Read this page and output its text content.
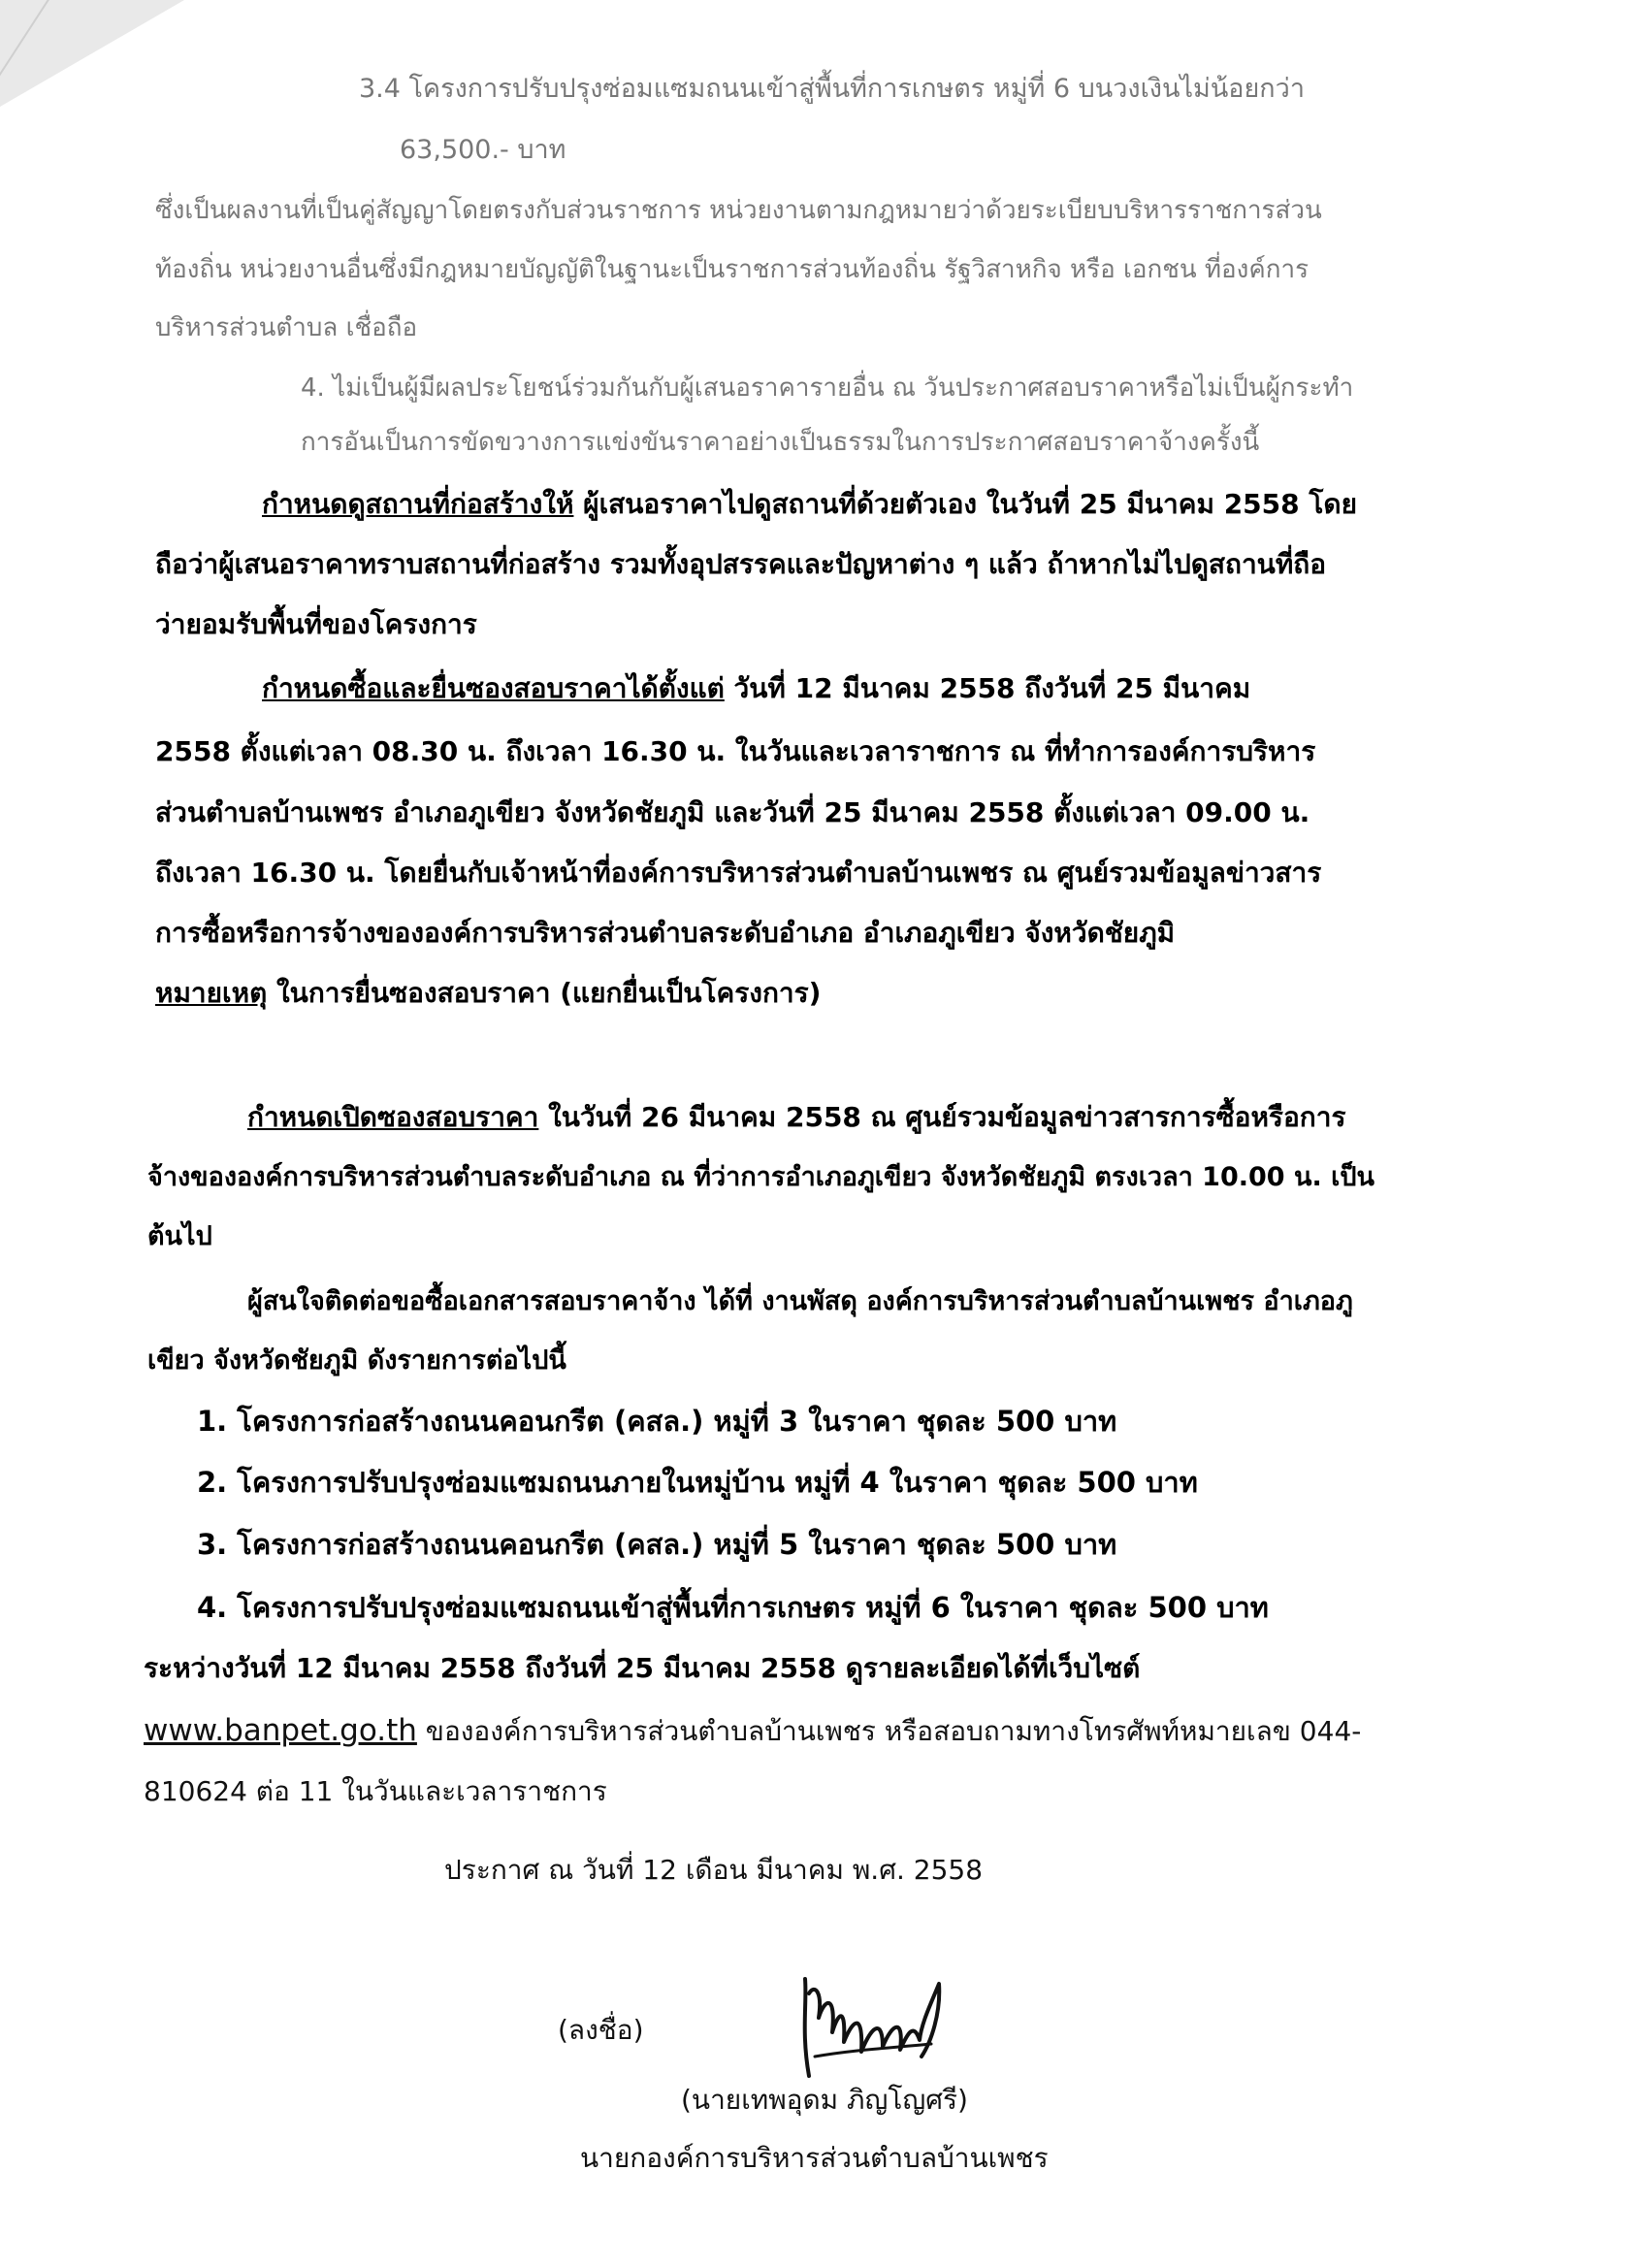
3.4 โครงการปรับปรุงซ่อมแซมถนนเข้าสู่พื้นที่การเกษตร หมู่ที่ 6 บนวงเงินไม่น้อยกว่า
63,500.- บาท
ซึ่งเป็นผลงานที่เป็นคู่สัญญาโดยตรงกับส่วนราชการ หน่วยงานตามกฎหมายว่าด้วยระเบียบบริหารราชการส่วน
ท้องถิ่น หน่วยงานอื่นซึ่งมีกฎหมายบัญญัติในฐานะเป็นราชการส่วนท้องถิ่น รัฐวิสาหกิจ หรือ เอกชน ที่องค์การ
บริหารส่วนตำบล เชื่อถือ
4. ไม่เป็นผู้มีผลประโยชน์ร่วมกันกับผู้เสนอราคารายอื่น ณ วันประกาศสอบราคาหรือไม่เป็นผู้กระทำ
การอันเป็นการขัดขวางการแข่งขันราคาอย่างเป็นธรรมในการประกาศสอบราคาจ้างครั้งนี้
กำหนดดูสถานที่ก่อสร้างให้ ผู้เสนอราคาไปดูสถานที่ด้วยตัวเอง ในวันที่ 25 มีนาคม 2558 โดย
ถือว่าผู้เสนอราคาทราบสถานที่ก่อสร้าง รวมทั้งอุปสรรคและปัญหาต่าง ๆ แล้ว ถ้าหากไม่ไปดูสถานที่ถือ
ว่ายอมรับพื้นที่ของโครงการ
กำหนดซื้อและยื่นซองสอบราคาได้ตั้งแต่ วันที่ 12 มีนาคม 2558 ถึงวันที่ 25 มีนาคม
2558 ตั้งแต่เวลา 08.30 น. ถึงเวลา 16.30 น. ในวันและเวลาราชการ ณ ที่ทำการองค์การบริหาร
ส่วนตำบลบ้านเพชร อำเภอภูเขียว จังหวัดชัยภูมิ และวันที่ 25 มีนาคม 2558 ตั้งแต่เวลา 09.00 น.
ถึงเวลา 16.30 น. โดยยื่นกับเจ้าหน้าที่องค์การบริหารส่วนตำบลบ้านเพชร ณ ศูนย์รวมข้อมูลข่าวสาร
การซื้อหรือการจ้างขององค์การบริหารส่วนตำบลระดับอำเภอ อำเภอภูเขียว จังหวัดชัยภูมิ
หมายเหตุ ในการยื่นซองสอบราคา (แยกยื่นเป็นโครงการ)
กำหนดเปิดซองสอบราคา ในวันที่ 26 มีนาคม 2558 ณ ศูนย์รวมข้อมูลข่าวสารการซื้อหรือการ
จ้างขององค์การบริหารส่วนตำบลระดับอำเภอ ณ ที่ว่าการอำเภอภูเขียว จังหวัดชัยภูมิ ตรงเวลา 10.00 น. เป็น
ต้นไป
ผู้สนใจติดต่อขอซื้อเอกสารสอบราคาจ้าง ได้ที่ งานพัสดุ องค์การบริหารส่วนตำบลบ้านเพชร อำเภอภู
เขียว จังหวัดชัยภูมิ ดังรายการต่อไปนี้
1. โครงการก่อสร้างถนนคอนกรีต (คสล.) หมู่ที่ 3 ในราคา ชุดละ 500 บาท
2. โครงการปรับปรุงซ่อมแซมถนนภายในหมู่บ้าน หมู่ที่ 4 ในราคา ชุดละ 500 บาท
3. โครงการก่อสร้างถนนคอนกรีต (คสล.) หมู่ที่ 5 ในราคา ชุดละ 500 บาท
4. โครงการปรับปรุงซ่อมแซมถนนเข้าสู่พื้นที่การเกษตร หมู่ที่ 6 ในราคา ชุดละ 500 บาท
ระหว่างวันที่ 12 มีนาคม 2558 ถึงวันที่ 25 มีนาคม 2558 ดูรายละเอียดได้ที่เว็บไซต์
www.banpet.go.th ขององค์การบริหารส่วนตำบลบ้านเพชร หรือสอบถามทางโทรศัพท์หมายเลข 044-
810624 ต่อ 11 ในวันและเวลาราชการ
ประกาศ ณ วันที่ 12 เดือน มีนาคม พ.ศ. 2558
(ลงชื่อ)
(นายเทพอุดม ภิญโญศรี)
นายกองค์การบริหารส่วนตำบลบ้านเพชร
